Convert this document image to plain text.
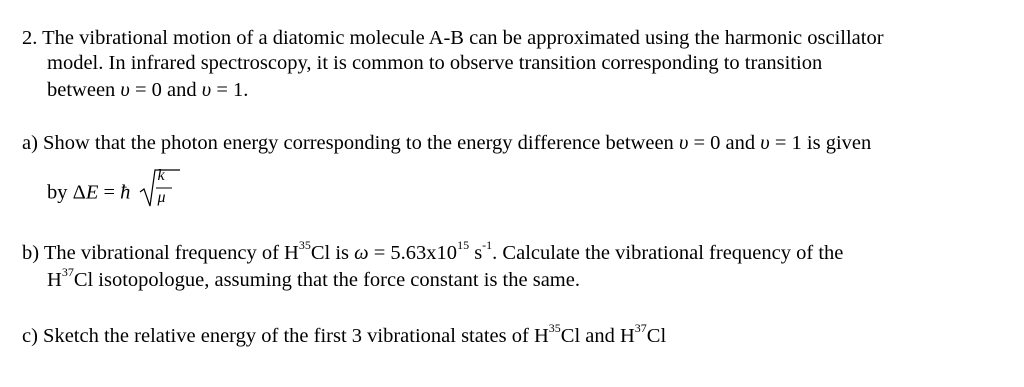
2. The vibrational motion of a diatomic molecule A-B can be approximated using the harmonic oscillator
model. In infrared spectroscopy, it is common to observe transition corresponding to transition
between υ = 0 and υ = 1.
a) Show that the photon energy corresponding to the energy difference between υ = 0 and υ = 1 is given
by ΔE = ħ
k
μ
b) The vibrational frequency of $H^{35}Cl$ is $\omega = 5.63x10^{15}$ $s^{-1}$. Calculate the vibrational frequency of the
$H^{37}Cl$ isotopologue, assuming that the force constant is the same.
c) Sketch the relative energy of the first 3 vibrational states of $H^{35}Cl$ and $H^{37}Cl$
